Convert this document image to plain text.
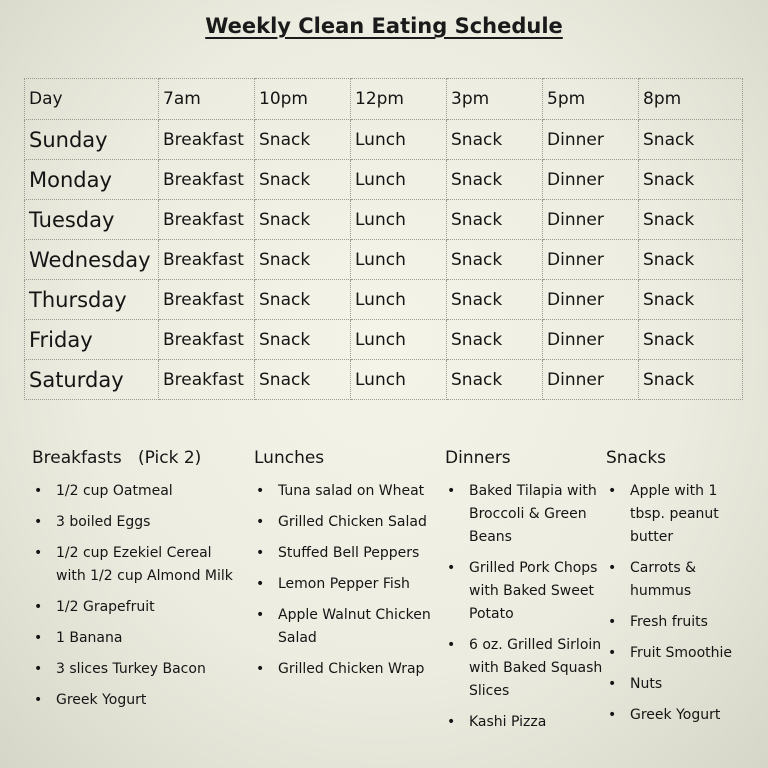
Weekly Clean Eating Schedule
Day	7am	10pm	12pm	3pm	5pm	8pm
Sunday	Breakfast	Snack	Lunch	Snack	Dinner	Snack
Monday	Breakfast	Snack	Lunch	Snack	Dinner	Snack
Tuesday	Breakfast	Snack	Lunch	Snack	Dinner	Snack
Wednesday	Breakfast	Snack	Lunch	Snack	Dinner	Snack
Thursday	Breakfast	Snack	Lunch	Snack	Dinner	Snack
Friday	Breakfast	Snack	Lunch	Snack	Dinner	Snack
Saturday	Breakfast	Snack	Lunch	Snack	Dinner	Snack
Breakfasts   (Pick 2)
• 1/2 cup Oatmeal
• 3 boiled Eggs
• 1/2 cup Ezekiel Cereal with 1/2 cup Almond Milk
• 1/2 Grapefruit
• 1 Banana
• 3 slices Turkey Bacon
• Greek Yogurt
Lunches
• Tuna salad on Wheat
• Grilled Chicken Salad
• Stuffed Bell Peppers
• Lemon Pepper Fish
• Apple Walnut Chicken Salad
• Grilled Chicken Wrap
Dinners
• Baked Tilapia with Broccoli & Green Beans
• Grilled Pork Chops with Baked Sweet Potato
• 6 oz. Grilled Sirloin with Baked Squash Slices
• Kashi Pizza
Snacks
• Apple with 1 tbsp. peanut butter
• Carrots & hummus
• Fresh fruits
• Fruit Smoothie
• Nuts
• Greek Yogurt
